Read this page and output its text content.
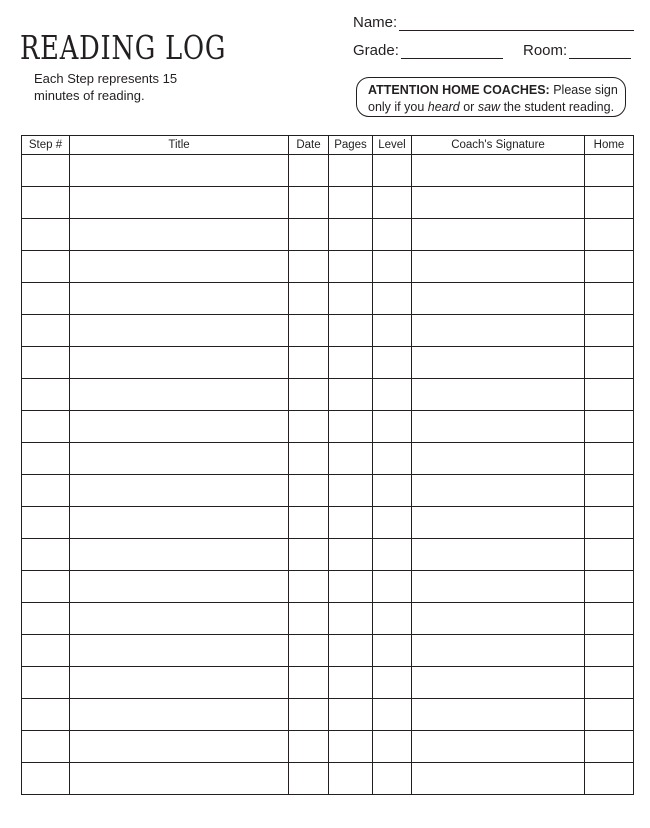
READING LOG
Each Step represents 15 minutes of reading.
Name:
Grade:	Room:
ATTENTION HOME COACHES: Please sign
only if you heard or saw the student reading.
Step #	Title	Date	Pages	Level	Coach's Signature	Home
